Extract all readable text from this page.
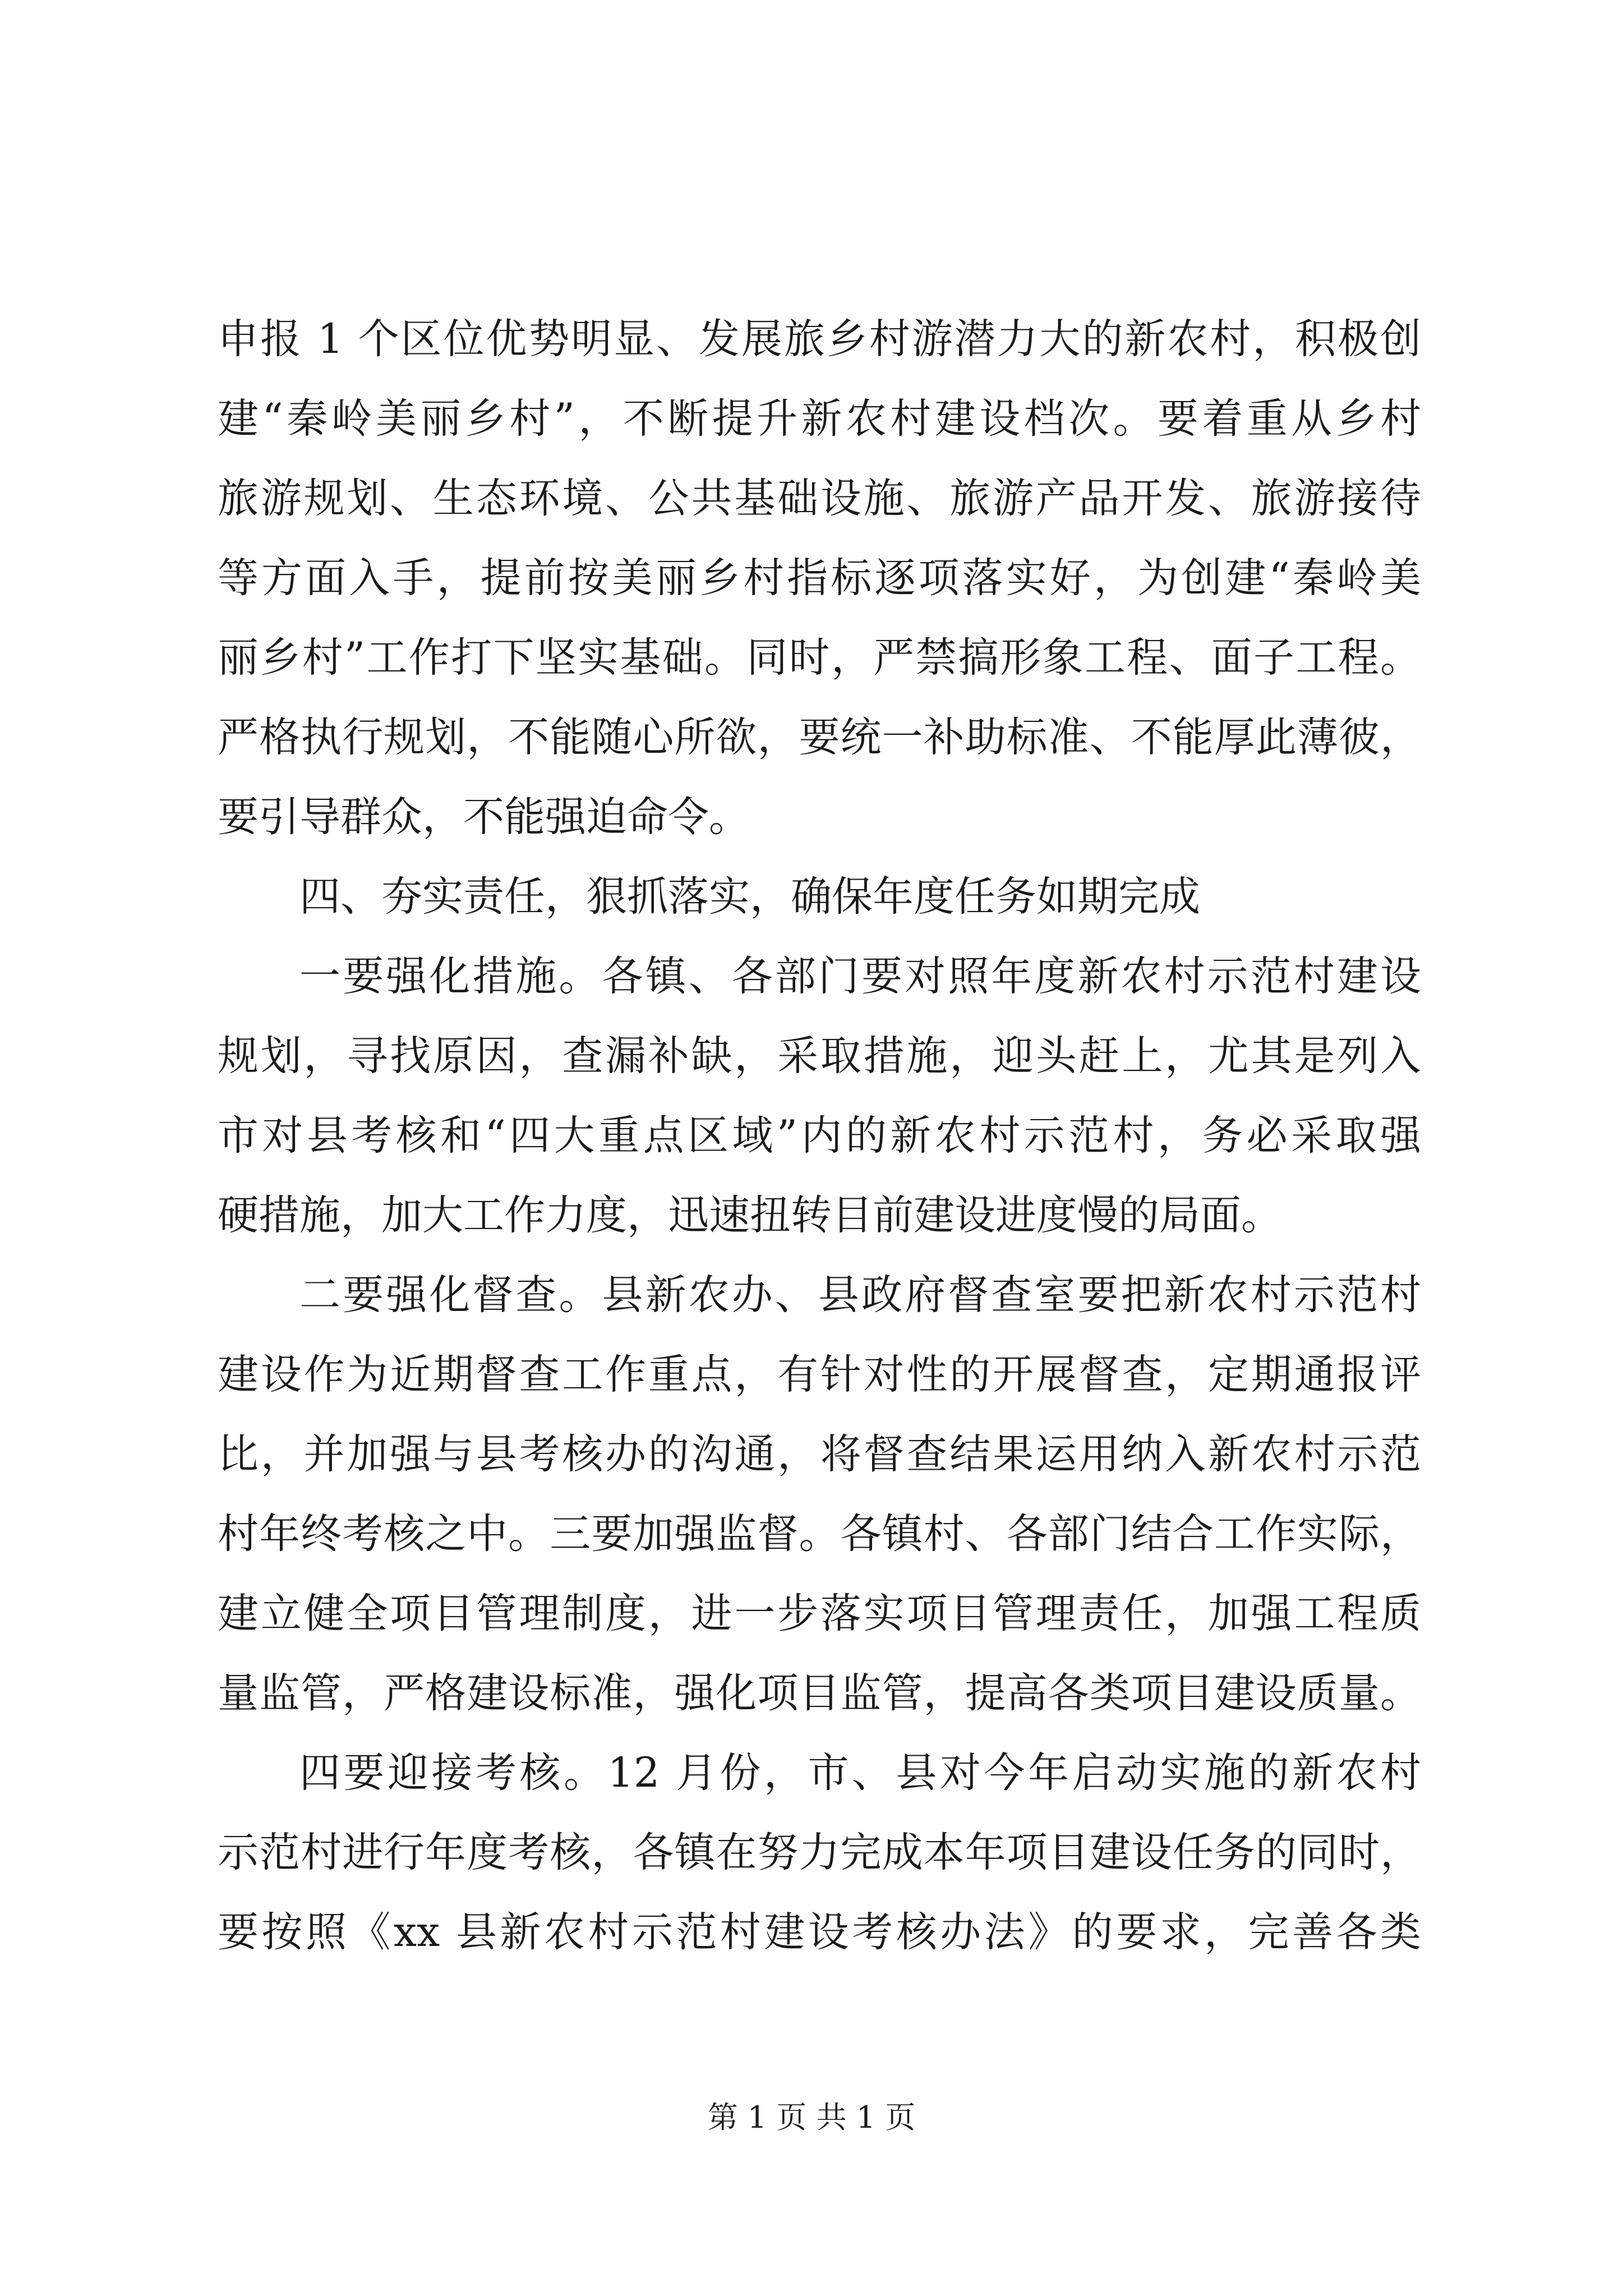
申报 1 个区位优势明显、发展旅乡村游潜力大的新农村，积极创
建“秦岭美丽乡村”，不断提升新农村建设档次。要着重从乡村
旅游规划、生态环境、公共基础设施、旅游产品开发、旅游接待
等方面入手，提前按美丽乡村指标逐项落实好，为创建“秦岭美
丽乡村”工作打下坚实基础。同时，严禁搞形象工程、面子工程。
严格执行规划，不能随心所欲，要统一补助标准、不能厚此薄彼，
要引导群众，不能强迫命令。
四、夯实责任，狠抓落实，确保年度任务如期完成
一要强化措施。各镇、各部门要对照年度新农村示范村建设
规划，寻找原因，查漏补缺，采取措施，迎头赶上，尤其是列入
市对县考核和“四大重点区域”内的新农村示范村，务必采取强
硬措施，加大工作力度，迅速扭转目前建设进度慢的局面。
二要强化督查。县新农办、县政府督查室要把新农村示范村
建设作为近期督查工作重点，有针对性的开展督查，定期通报评
比，并加强与县考核办的沟通，将督查结果运用纳入新农村示范
村年终考核之中。三要加强监督。各镇村、各部门结合工作实际，
建立健全项目管理制度，进一步落实项目管理责任，加强工程质
量监管，严格建设标准，强化项目监管，提高各类项目建设质量。
四要迎接考核。12 月份，市、县对今年启动实施的新农村
示范村进行年度考核，各镇在努力完成本年项目建设任务的同时，
要按照《xx 县新农村示范村建设考核办法》的要求，完善各类
第 1 页 共 1 页
